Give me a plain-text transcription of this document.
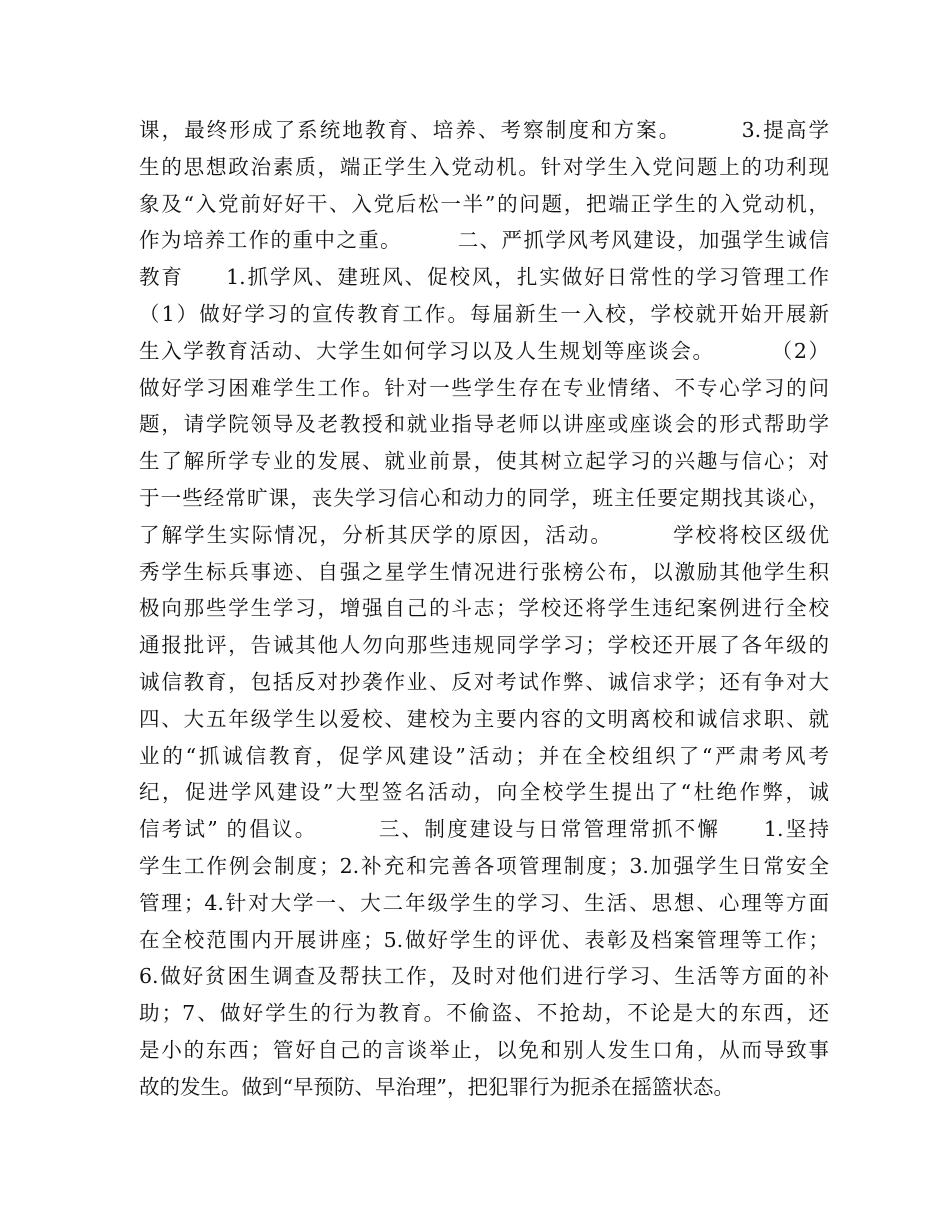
课，最终形成了系统地教育、培养、考察制度和方案。       3.提高学
生的思想政治素质，端正学生入党动机。针对学生入党问题上的功利现
象及“入党前好好干、入党后松一半”的问题，把端正学生的入党动机，
作为培养工作的重中之重。       二、严抓学风考风建设，加强学生诚信
教育     1.抓学风、建班风、促校风，扎实做好日常性的学习管理工作
（1）做好学习的宣传教育工作。每届新生一入校，学校就开始开展新
生入学教育活动、大学生如何学习以及人生规划等座谈会。       （2）
做好学习困难学生工作。针对一些学生存在专业情绪、不专心学习的问
题，请学院领导及老教授和就业指导老师以讲座或座谈会的形式帮助学
生了解所学专业的发展、就业前景，使其树立起学习的兴趣与信心；对
于一些经常旷课，丧失学习信心和动力的同学，班主任要定期找其谈心，
了解学生实际情况，分析其厌学的原因，活动。       学校将校区级优
秀学生标兵事迹、自强之星学生情况进行张榜公布，以激励其他学生积
极向那些学生学习，增强自己的斗志；学校还将学生违纪案例进行全校
通报批评，告诫其他人勿向那些违规同学学习；学校还开展了各年级的
诚信教育，包括反对抄袭作业、反对考试作弊、诚信求学；还有争对大
四、大五年级学生以爱校、建校为主要内容的文明离校和诚信求职、就
业的“抓诚信教育，促学风建设”活动；并在全校组织了“严肃考风考
纪，促进学风建设”大型签名活动，向全校学生提出了“杜绝作弊，诚
信考试” 的倡议。       三、制度建设与日常管理常抓不懈     1.坚持
学生工作例会制度；2.补充和完善各项管理制度；3.加强学生日常安全
管理；4.针对大学一、大二年级学生的学习、生活、思想、心理等方面
在全校范围内开展讲座；5.做好学生的评优、表彰及档案管理等工作；
6.做好贫困生调查及帮扶工作，及时对他们进行学习、生活等方面的补
助；7、做好学生的行为教育。不偷盗、不抢劫，不论是大的东西，还
是小的东西；管好自己的言谈举止，以免和别人发生口角，从而导致事
故的发生。做到“早预防、早治理”，把犯罪行为扼杀在摇篮状态。
